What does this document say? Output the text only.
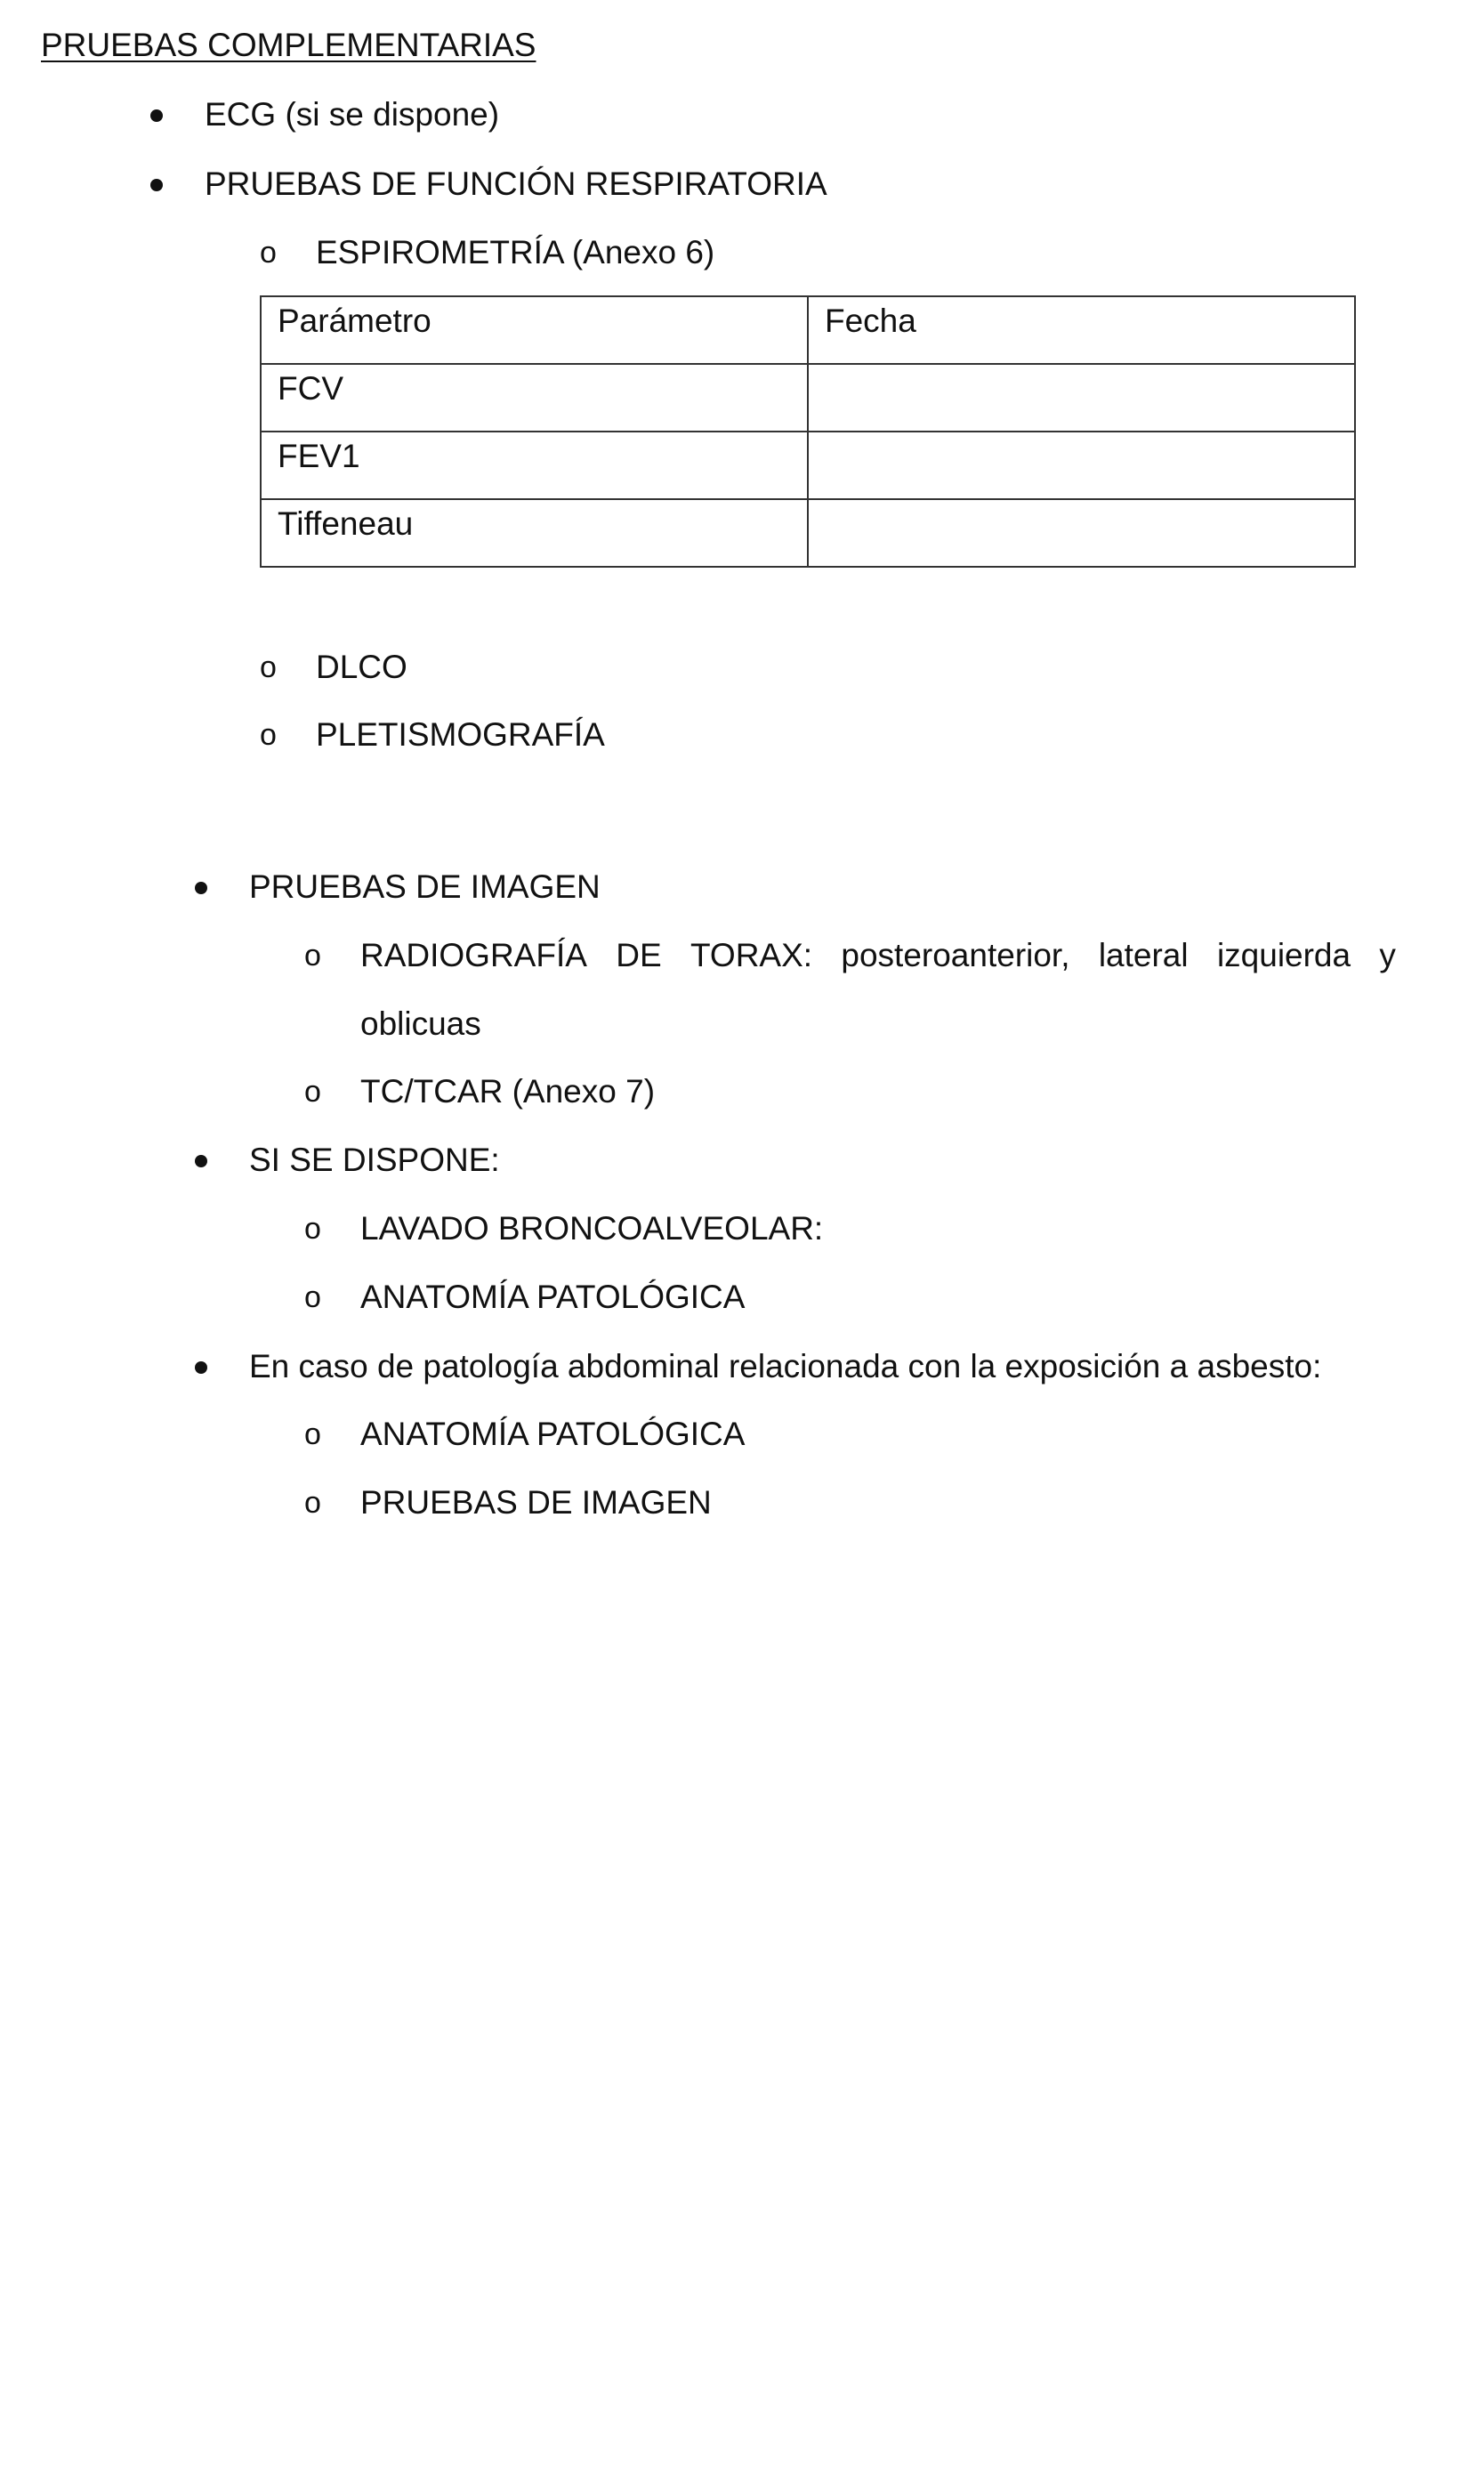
PRUEBAS COMPLEMENTARIAS
ECG (si se dispone)
PRUEBAS DE FUNCIÓN RESPIRATORIA
o ESPIROMETRÍA (Anexo 6)
Parámetro	Fecha

FCV	

FEV1	

Tiffeneau	

o DLCO
o PLETISMOGRAFÍA
PRUEBAS DE IMAGEN
o RADIOGRAFÍA DE TORAX: posteroanterior, lateral izquierda y
oblicuas
o TC/TCAR (Anexo 7)
SI SE DISPONE:
o LAVADO BRONCOALVEOLAR:
o ANATOMÍA PATOLÓGICA
En caso de patología abdominal relacionada con la exposición a asbesto:
o ANATOMÍA PATOLÓGICA
o PRUEBAS DE IMAGEN
